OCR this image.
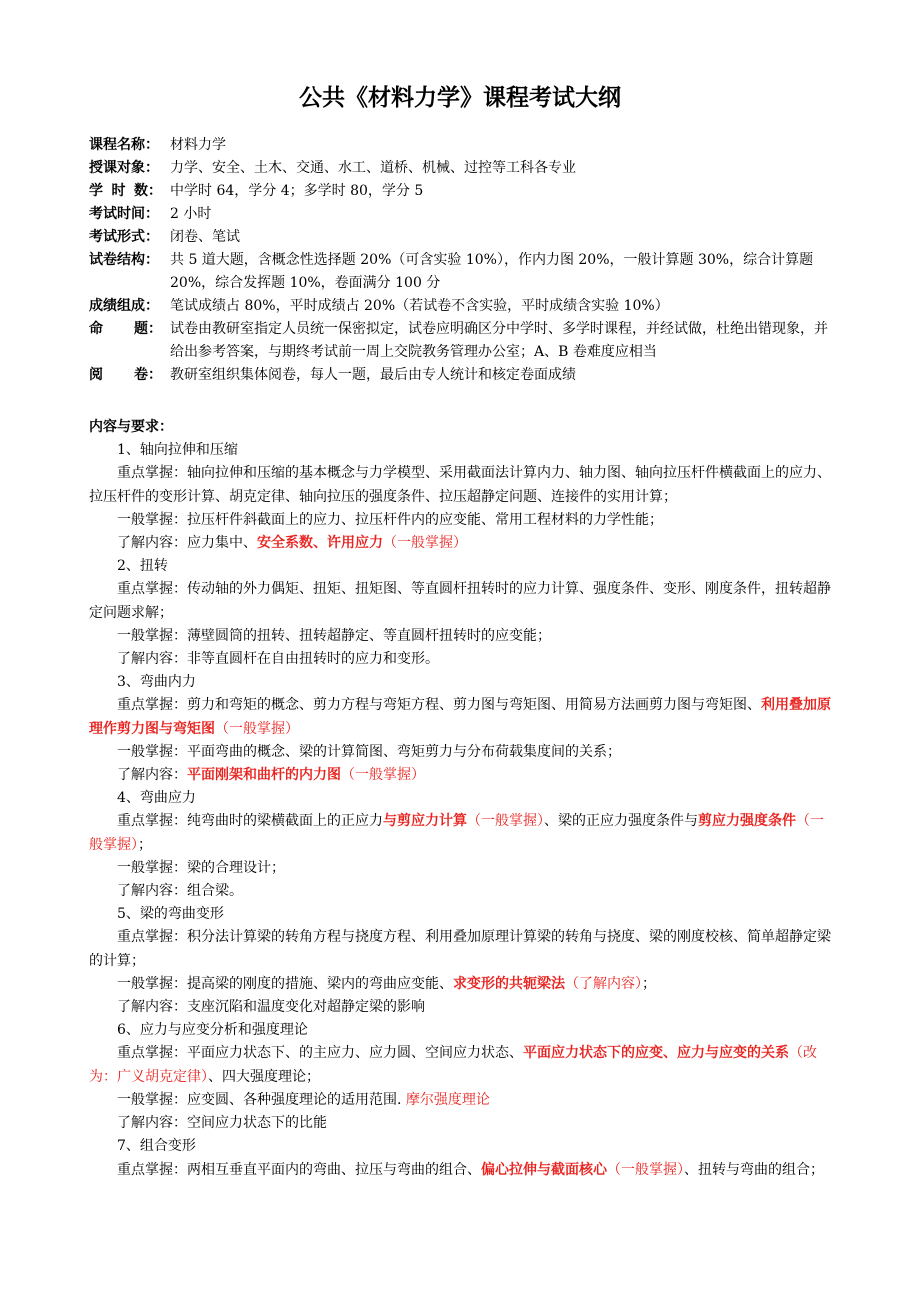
公共《材料力学》课程考试大纲
课程名称： 材料力学
授课对象： 力学、安全、土木、交通、水工、道桥、机械、过控等工科各专业
学 时 数： 中学时 64，学分 4；多学时 80，学分 5
考试时间： 2 小时
考试形式： 闭卷、笔试
试卷结构： 共 5 道大题，含概念性选择题 20%（可含实验 10%），作内力图 20%，一般计算题 30%，综合计算题 20%，综合发挥题 10%，卷面满分 100 分
成绩组成： 笔试成绩占 80%，平时成绩占 20%（若试卷不含实验，平时成绩含实验 10%）
命 题： 试卷由教研室指定人员统一保密拟定，试卷应明确区分中学时、多学时课程，并经试做，杜绝出错现象，并给出参考答案，与期终考试前一周上交院教务管理办公室；A、B 卷难度应相当
阅 卷： 教研室组织集体阅卷，每人一题，最后由专人统计和核定卷面成绩

内容与要求：

1、轴向拉伸和压缩

重点掌握：轴向拉伸和压缩的基本概念与力学模型、采用截面法计算内力、轴力图、轴向拉压杆件横截面上的应力、拉压杆件的变形计算、胡克定律、轴向拉压的强度条件、拉压超静定问题、连接件的实用计算；

一般掌握：拉压杆件斜截面上的应力、拉压杆件内的应变能、常用工程材料的力学性能；

了解内容：应力集中、安全系数、许用应力（一般掌握）

2、扭转

重点掌握：传动轴的外力偶矩、扭矩、扭矩图、等直圆杆扭转时的应力计算、强度条件、变形、刚度条件，扭转超静定问题求解；

一般掌握：薄壁圆筒的扭转、扭转超静定、等直圆杆扭转时的应变能；

了解内容：非等直圆杆在自由扭转时的应力和变形。

3、弯曲内力

重点掌握：剪力和弯矩的概念、剪力方程与弯矩方程、剪力图与弯矩图、用简易方法画剪力图与弯矩图、利用叠加原理作剪力图与弯矩图（一般掌握）

一般掌握：平面弯曲的概念、梁的计算简图、弯矩剪力与分布荷载集度间的关系；

了解内容：平面刚架和曲杆的内力图（一般掌握）

4、弯曲应力

重点掌握：纯弯曲时的梁横截面上的正应力与剪应力计算（一般掌握）、梁的正应力强度条件与剪应力强度条件（一般掌握）；

一般掌握：梁的合理设计；

了解内容：组合梁。

5、梁的弯曲变形

重点掌握：积分法计算梁的转角方程与挠度方程、利用叠加原理计算梁的转角与挠度、梁的刚度校核、简单超静定梁的计算；

一般掌握：提高梁的刚度的措施、梁内的弯曲应变能、求变形的共轭梁法（了解内容）；

了解内容：支座沉陷和温度变化对超静定梁的影响

6、应力与应变分析和强度理论

重点掌握：平面应力状态下、的主应力、应力圆、空间应力状态、平面应力状态下的应变、应力与应变的关系（改为：广义胡克定律）、四大强度理论；

一般掌握：应变圆、各种强度理论的适用范围. 摩尔强度理论

了解内容：空间应力状态下的比能

7、组合变形

重点掌握：两相互垂直平面内的弯曲、拉压与弯曲的组合、偏心拉伸与截面核心（一般掌握）、扭转与弯曲的组合；
